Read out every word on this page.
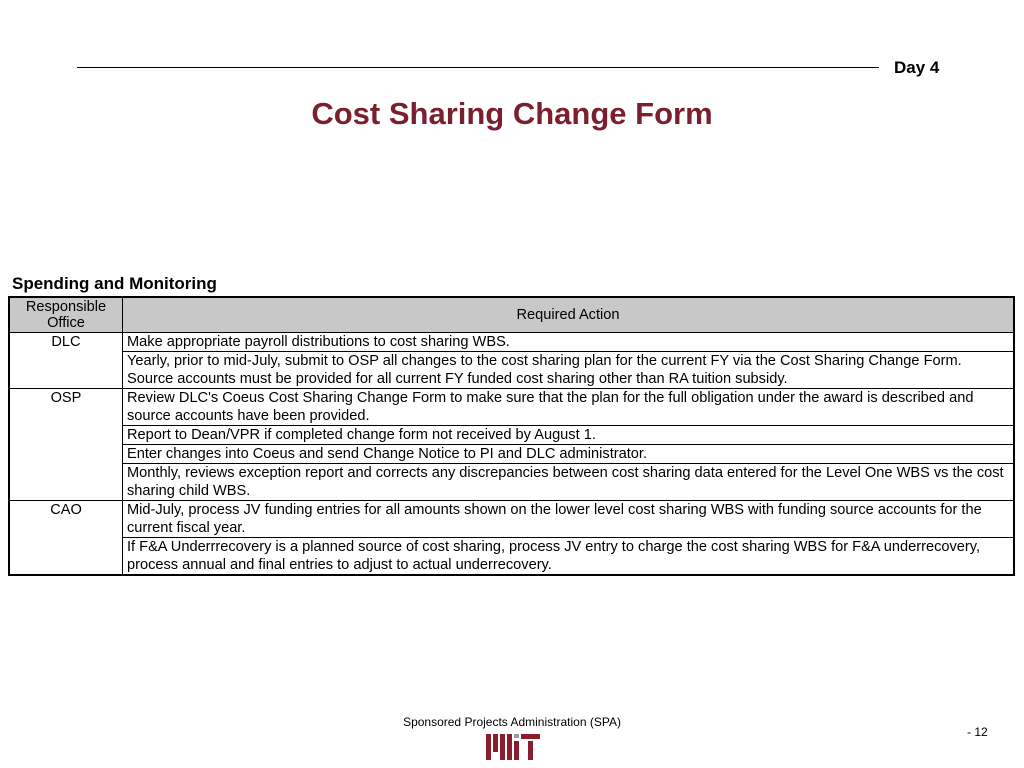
Day 4
Cost Sharing Change Form
Spending and Monitoring
Responsible Office	Required Action
DLC	Make appropriate payroll distributions to cost sharing WBS.
	Yearly, prior to mid-July, submit to OSP all changes to the cost sharing plan for the current FY via the Cost Sharing Change Form. Source accounts must be provided for all current FY funded cost sharing other than RA tuition subsidy.
OSP	Review DLC's Coeus Cost Sharing Change Form to make sure that the plan for the full obligation under the award is described and source accounts have been provided.
	Report to Dean/VPR if completed change form not received by August 1.
	Enter changes into Coeus and send Change Notice to PI and DLC administrator.
	Monthly, reviews exception report and corrects any discrepancies between cost sharing data entered for the Level One WBS vs the cost sharing child WBS.
CAO	Mid-July, process JV funding entries for all amounts shown on the lower level cost sharing WBS with funding source accounts for the current fiscal year.
	If F&A Underrrecovery is a planned source of cost sharing, process JV entry to charge the cost sharing WBS for F&A underrecovery, process annual and final entries to adjust to actual underrecovery.
Sponsored Projects Administration (SPA)
- 12
